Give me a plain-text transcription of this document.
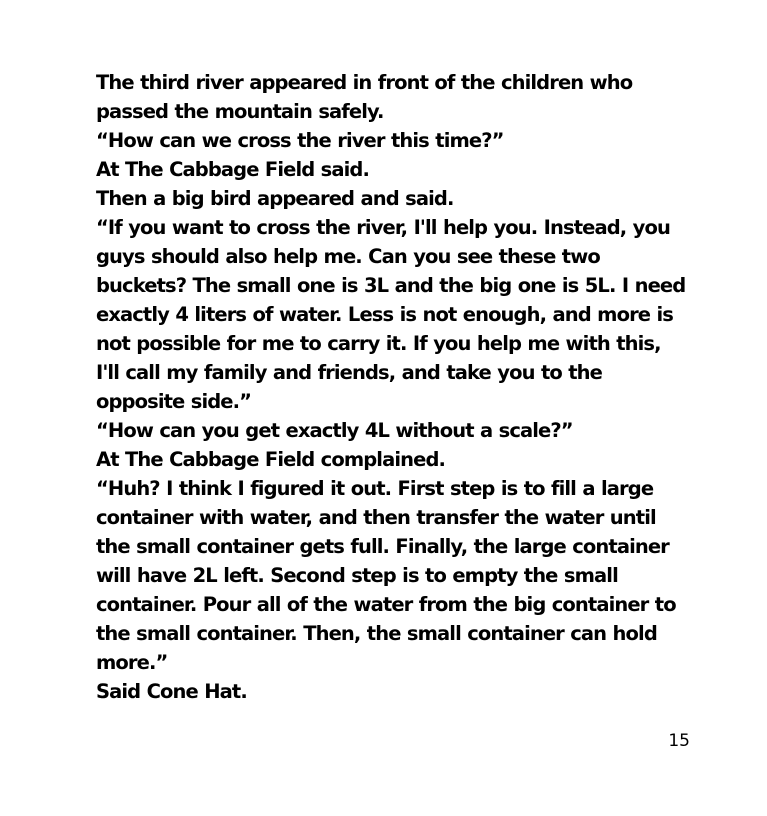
The third river appeared in front of the children who
passed the mountain safely.
“How can we cross the river this time?”
At The Cabbage Field said.
Then a big bird appeared and said.
“If you want to cross the river, I'll help you. Instead, you
guys should also help me. Can you see these two
buckets? The small one is 3L and the big one is 5L. I need
exactly 4 liters of water. Less is not enough, and more is
not possible for me to carry it. If you help me with this,
I'll call my family and friends, and take you to the
opposite side.”
“How can you get exactly 4L without a scale?”
At The Cabbage Field complained.
“Huh? I think I figured it out. First step is to fill a large
container with water, and then transfer the water until
the small container gets full. Finally, the large container
will have 2L left. Second step is to empty the small
container. Pour all of the water from the big container to
the small container. Then, the small container can hold
more.”
Said Cone Hat.
15
